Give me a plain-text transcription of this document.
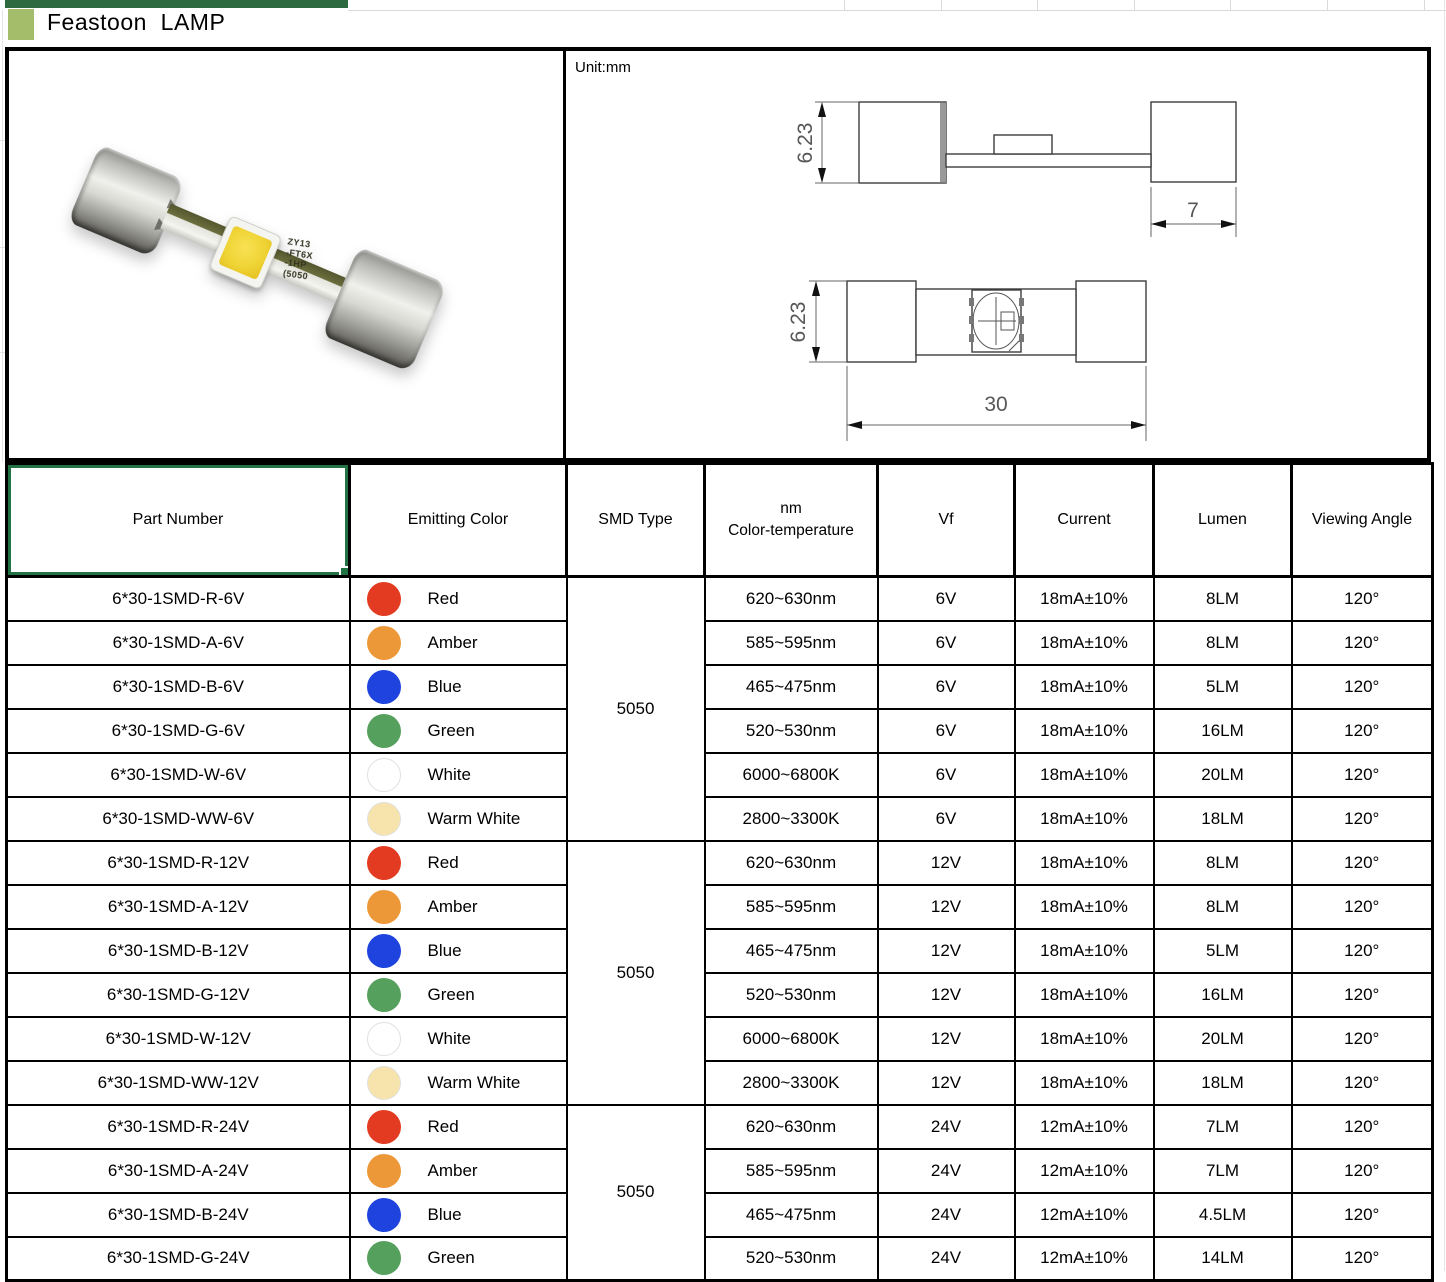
Feastoon  LAMP
ZY13
-FT6X
-1HP
(5050
Unit:mm
6.23
7
6.23
30
Part Number	Emitting Color	SMD Type	nm
Color-temperature	Vf	Current	Lumen	Viewing Angle
6*30-1SMD-R-6V	Red	5050	620~630nm	6V	18mA±10%	8LM	120°
6*30-1SMD-A-6V	Amber		585~595nm	6V	18mA±10%	8LM	120°
6*30-1SMD-B-6V	Blue		465~475nm	6V	18mA±10%	5LM	120°
6*30-1SMD-G-6V	Green		520~530nm	6V	18mA±10%	16LM	120°
6*30-1SMD-W-6V	White		6000~6800K	6V	18mA±10%	20LM	120°
6*30-1SMD-WW-6V	Warm White		2800~3300K	6V	18mA±10%	18LM	120°
6*30-1SMD-R-12V	Red	5050	620~630nm	12V	18mA±10%	8LM	120°
6*30-1SMD-A-12V	Amber		585~595nm	12V	18mA±10%	8LM	120°
6*30-1SMD-B-12V	Blue		465~475nm	12V	18mA±10%	5LM	120°
6*30-1SMD-G-12V	Green		520~530nm	12V	18mA±10%	16LM	120°
6*30-1SMD-W-12V	White		6000~6800K	12V	18mA±10%	20LM	120°
6*30-1SMD-WW-12V	Warm White		2800~3300K	12V	18mA±10%	18LM	120°
6*30-1SMD-R-24V	Red	5050	620~630nm	24V	12mA±10%	7LM	120°
6*30-1SMD-A-24V	Amber		585~595nm	24V	12mA±10%	7LM	120°
6*30-1SMD-B-24V	Blue		465~475nm	24V	12mA±10%	4.5LM	120°
6*30-1SMD-G-24V	Green		520~530nm	24V	12mA±10%	14LM	120°
